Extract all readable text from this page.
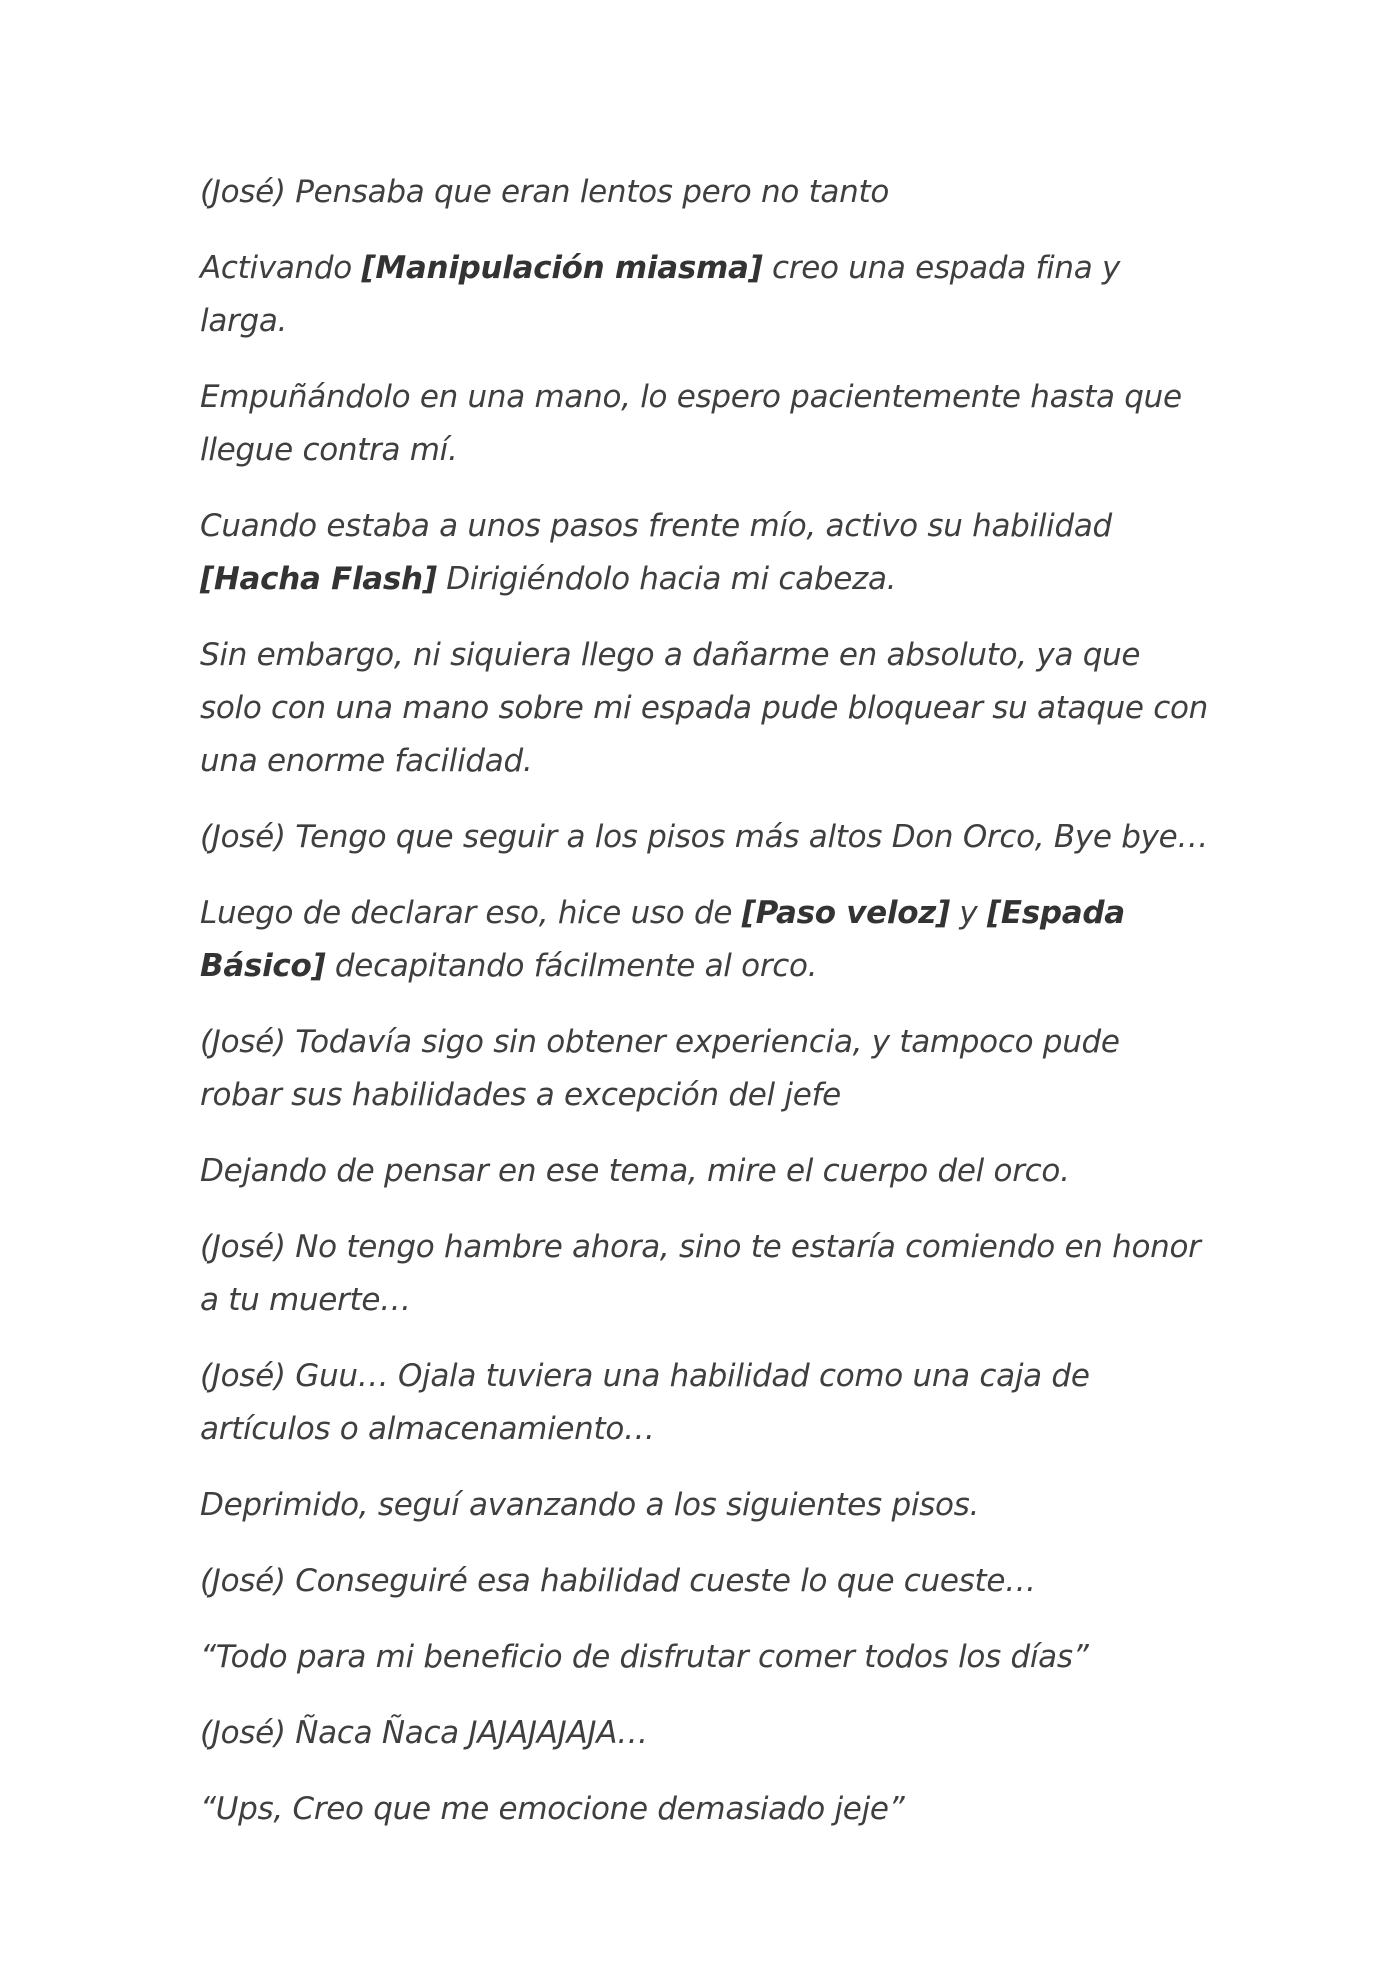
(José) Pensaba que eran lentos pero no tanto

Activando [Manipulación miasma] creo una espada fina y larga.

Empuñándolo en una mano, lo espero pacientemente hasta que llegue contra mí.

Cuando estaba a unos pasos frente mío, activo su habilidad [Hacha Flash] Dirigiéndolo hacia mi cabeza.

Sin embargo, ni siquiera llego a dañarme en absoluto, ya que solo con una mano sobre mi espada pude bloquear su ataque con una enorme facilidad.

(José) Tengo que seguir a los pisos más altos Don Orco, Bye bye…

Luego de declarar eso, hice uso de [Paso veloz] y [Espada Básico] decapitando fácilmente al orco.

(José) Todavía sigo sin obtener experiencia, y tampoco pude robar sus habilidades a excepción del jefe

Dejando de pensar en ese tema, mire el cuerpo del orco.

(José) No tengo hambre ahora, sino te estaría comiendo en honor a tu muerte…

(José) Guu… Ojala tuviera una habilidad como una caja de artículos o almacenamiento…

Deprimido, seguí avanzando a los siguientes pisos.

(José) Conseguiré esa habilidad cueste lo que cueste…

“Todo para mi beneficio de disfrutar comer todos los días”

(José) Ñaca Ñaca JAJAJAJAJA…

“Ups, Creo que me emocione demasiado jeje”
